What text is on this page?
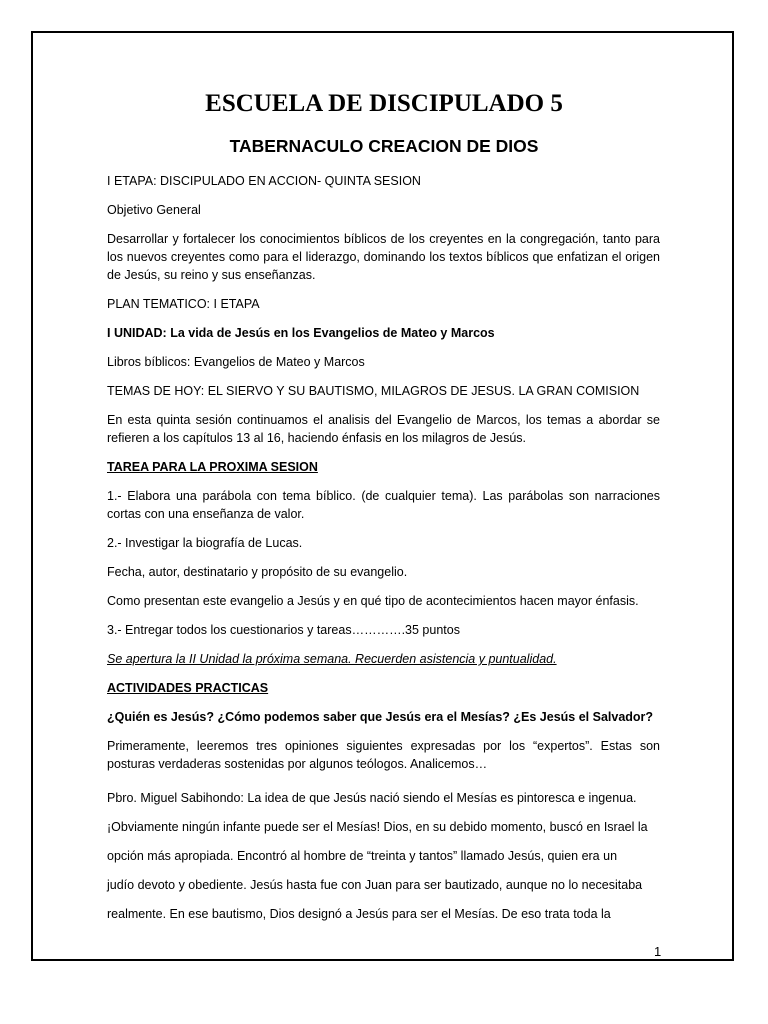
ESCUELA DE DISCIPULADO 5
TABERNACULO CREACION DE DIOS

I ETAPA: DISCIPULADO EN ACCION- QUINTA SESION

Objetivo General

Desarrollar y fortalecer los conocimientos bíblicos de los creyentes en la congregación, tanto para los nuevos creyentes como para el liderazgo, dominando los textos bíblicos que enfatizan el origen de Jesús, su reino y sus enseñanzas.

PLAN TEMATICO: I ETAPA

I UNIDAD: La vida de Jesús en los Evangelios de Mateo y Marcos

Libros bíblicos: Evangelios de Mateo y Marcos

TEMAS DE HOY: EL SIERVO Y SU BAUTISMO, MILAGROS DE JESUS. LA GRAN COMISION

En esta quinta sesión continuamos el analisis del Evangelio de Marcos, los temas a abordar se refieren a los capítulos 13 al 16, haciendo énfasis en los milagros de Jesús.

TAREA PARA LA PROXIMA SESION

1.- Elabora una parábola con tema bíblico. (de cualquier tema). Las parábolas son narraciones cortas con una enseñanza de valor.

2.- Investigar la biografía de Lucas.

Fecha, autor, destinatario y propósito de su evangelio.

Como presentan este evangelio a Jesús y en qué tipo de acontecimientos hacen mayor énfasis.

3.- Entregar todos los cuestionarios y tareas………….35 puntos

Se apertura la II Unidad la próxima semana. Recuerden asistencia y puntualidad.

ACTIVIDADES PRACTICAS

¿Quién es Jesús? ¿Cómo podemos saber que Jesús era el Mesías? ¿Es Jesús el Salvador?

Primeramente, leeremos tres opiniones siguientes expresadas por los “expertos”. Estas son posturas verdaderas sostenidas por algunos teólogos. Analicemos…

Pbro. Miguel Sabihondo: La idea de que Jesús nació siendo el Mesías es pintoresca e ingenua.

¡Obviamente ningún infante puede ser el Mesías! Dios, en su debido momento, buscó en Israel la

opción más apropiada. Encontró al hombre de “treinta y tantos” llamado Jesús, quien era un

judío devoto y obediente. Jesús hasta fue con Juan para ser bautizado, aunque no lo necesitaba

realmente. En ese bautismo, Dios designó a Jesús para ser el Mesías. De eso trata toda la

1
